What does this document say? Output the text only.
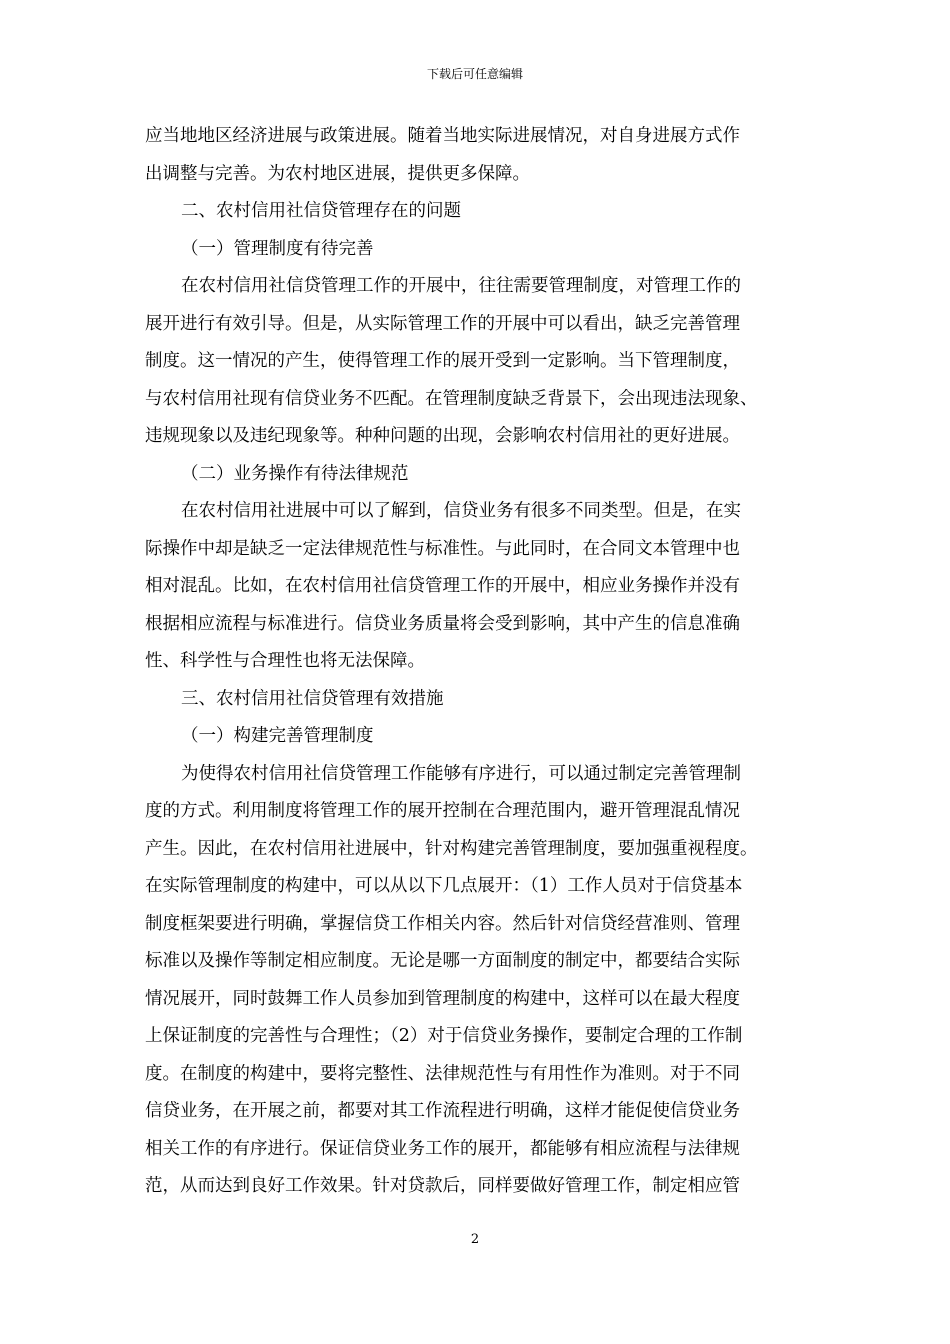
下载后可任意编辑
应当地地区经济进展与政策进展。随着当地实际进展情况，对自身进展方式作
出调整与完善。为农村地区进展，提供更多保障。
二、农村信用社信贷管理存在的问题
（一）管理制度有待完善
在农村信用社信贷管理工作的开展中，往往需要管理制度，对管理工作的
展开进行有效引导。但是，从实际管理工作的开展中可以看出，缺乏完善管理
制度。这一情况的产生，使得管理工作的展开受到一定影响。当下管理制度，
与农村信用社现有信贷业务不匹配。在管理制度缺乏背景下，会出现违法现象、
违规现象以及违纪现象等。种种问题的出现，会影响农村信用社的更好进展。
（二）业务操作有待法律规范
在农村信用社进展中可以了解到，信贷业务有很多不同类型。但是，在实
际操作中却是缺乏一定法律规范性与标准性。与此同时，在合同文本管理中也
相对混乱。比如，在农村信用社信贷管理工作的开展中，相应业务操作并没有
根据相应流程与标准进行。信贷业务质量将会受到影响，其中产生的信息准确
性、科学性与合理性也将无法保障。
三、农村信用社信贷管理有效措施
（一）构建完善管理制度
为使得农村信用社信贷管理工作能够有序进行，可以通过制定完善管理制
度的方式。利用制度将管理工作的展开控制在合理范围内，避开管理混乱情况
产生。因此，在农村信用社进展中，针对构建完善管理制度，要加强重视程度。
在实际管理制度的构建中，可以从以下几点展开：（1）工作人员对于信贷基本
制度框架要进行明确，掌握信贷工作相关内容。然后针对信贷经营准则、管理
标准以及操作等制定相应制度。无论是哪一方面制度的制定中，都要结合实际
情况展开，同时鼓舞工作人员参加到管理制度的构建中，这样可以在最大程度
上保证制度的完善性与合理性；（2）对于信贷业务操作，要制定合理的工作制
度。在制度的构建中，要将完整性、法律规范性与有用性作为准则。对于不同
信贷业务，在开展之前，都要对其工作流程进行明确，这样才能促使信贷业务
相关工作的有序进行。保证信贷业务工作的展开，都能够有相应流程与法律规
范，从而达到良好工作效果。针对贷款后，同样要做好管理工作，制定相应管
2
